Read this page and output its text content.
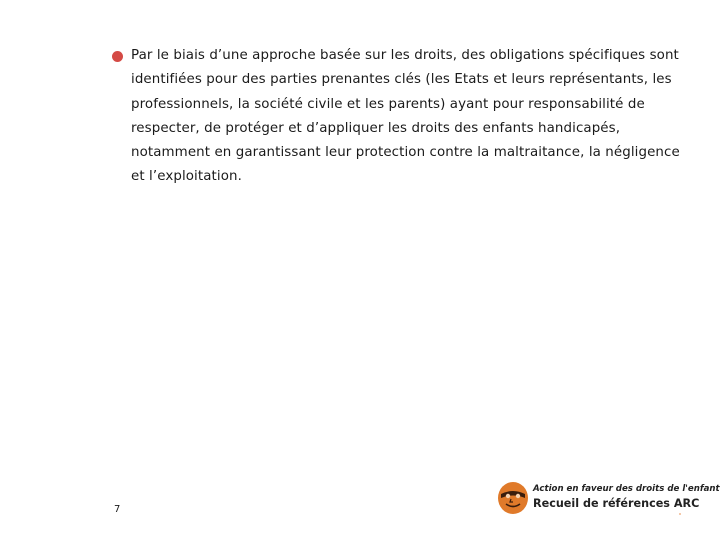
Par le biais d’une approche basée sur les droits, des obligations spécifiques sont identifiées pour des parties prenantes clés (les Etats et leurs représentants, les professionnels, la société civile et les parents) ayant pour responsabilité de respecter, de protéger et d’appliquer les droits des enfants handicapés, notamment en garantissant leur protection contre la maltraitance, la négligence et l’exploitation.

7
Action en faveur des droits de l'enfant
Recueil de références ARC
